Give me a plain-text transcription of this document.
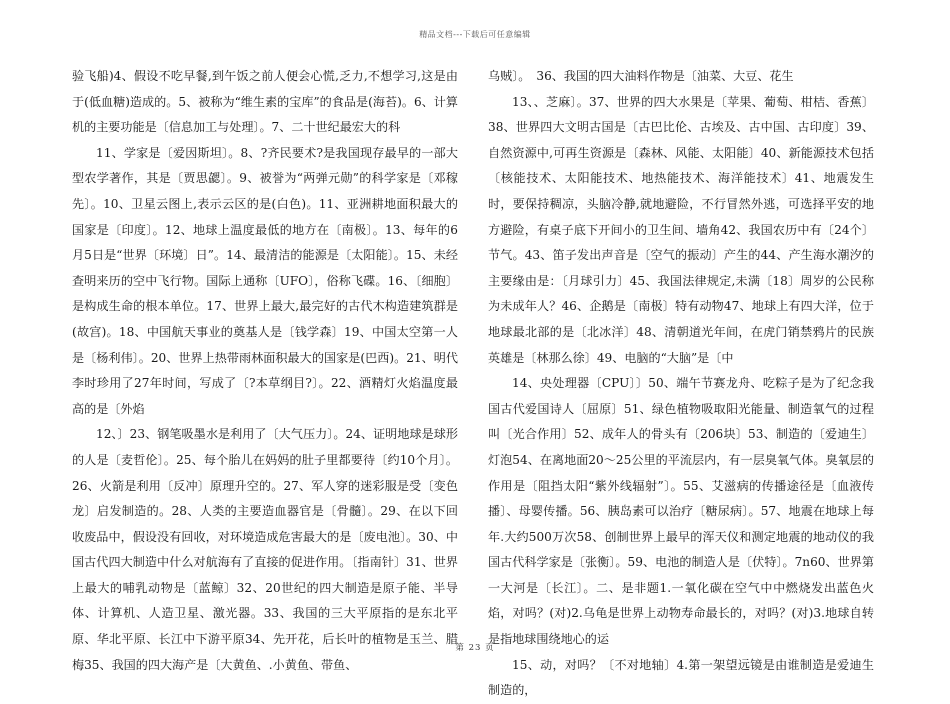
精品文档---下载后可任意编辑

验飞船)4、假设不吃早餐,到午饭之前人便会心慌,乏力,不想学习,这是由于(低血糖)造成的。5、被称为“维生素的宝库”的食品是(海苔)。6、计算机的主要功能是〔信息加工与处理〕。7、二十世纪最宏大的科

11、学家是〔爱因斯坦〕。8、?齐民要术?是我国现存最早的一部大型农学著作，其是〔贾思勰〕。9、被誉为“两弹元勋”的科学家是〔邓稼先〕。10、卫星云图上,表示云区的是(白色)。11、亚洲耕地面积最大的国家是〔印度〕。12、地球上温度最低的地方在〔南极〕。13、每年的6月5日是“世界〔环境〕日”。14、最清洁的能源是〔太阳能〕。15、未经查明来历的空中飞行物。国际上通称〔UFO〕，俗称飞碟。16、〔细胞〕是构成生命的根本单位。17、世界上最大,最完好的古代木构造建筑群是(故宫)。18、中国航天事业的奠基人是〔钱学森〕19、中国太空第一人是〔杨利伟〕。20、世界上热带雨林面积最大的国家是(巴西)。21、明代李时珍用了27年时间，写成了〔?本草纲目?〕。22、酒精灯火焰温度最高的是〔外焰

12、〕23、钢笔吸墨水是利用了〔大气压力〕。24、证明地球是球形的人是〔麦哲伦〕。25、每个胎儿在妈妈的肚子里都要待〔约10个月〕。26、火箭是利用〔反冲〕原理升空的。27、军人穿的迷彩服是受〔变色龙〕启发制造的。28、人类的主要造血器官是〔骨髓〕。29、在以下回收废品中，假设没有回收，对环境造成危害最大的是〔废电池〕。30、中国古代四大制造中什么对航海有了直接的促进作用。〔指南针〕31、世界上最大的哺乳动物是〔蓝鲸〕32、20世纪的四大制造是原子能、半导体、计算机、人造卫星、激光器。33、我国的三大平原指的是东北平原、华北平原、长江中下游平原34、先开花，后长叶的植物是玉兰、腊梅35、我国的四大海产是〔大黄鱼、.小黄鱼、带鱼、

乌贼〕。　36、我国的四大油料作物是〔油菜、大豆、花生

13、、芝麻〕。37、世界的四大水果是〔苹果、葡萄、柑桔、香蕉〕38、世界四大文明古国是〔古巴比伦、古埃及、古中国、古印度〕39、自然资源中,可再生资源是〔森林、风能、太阳能〕40、新能源技术包括〔核能技术、太阳能技术、地热能技术、海洋能技术〕41、地震发生时，要保持稠凉，头脑冷静,就地避险，不行冒然外逃，可选择平安的地方避险，有桌子底下开间小的卫生间、墙角42、我国农历中有〔24个〕节气。43、笛子发出声音是〔空气的振动〕产生的44、产生海水潮汐的主要缘由是：〔月球引力〕45、我国法律规定,未满〔18〕周岁的公民称为未成年人？46、企鹅是〔南极〕特有动物47、地球上有四大洋，位于地球最北部的是〔北冰洋〕48、清朝道光年间，在虎门销禁鸦片的民族英雄是〔林那么徐〕49、电脑的“大脑”是〔中

14、央处理器〔CPU〕〕50、端午节赛龙舟、吃粽子是为了纪念我国古代爱国诗人〔屈原〕51、绿色植物吸取阳光能量、制造氧气的过程叫〔光合作用〕52、成年人的骨头有〔206块〕53、制造的〔爱迪生〕灯泡54、在离地面20～25公里的平流层内，有一层臭氧气体。臭氧层的作用是〔阻挡太阳“紫外线辐射”〕。55、艾滋病的传播途径是〔血液传播〕、母婴传播。56、胰岛素可以治疗〔糖尿病〕。57、地震在地球上每年.大约500万次58、创制世界上最早的浑天仪和测定地震的地动仪的我国古代科学家是〔张衡〕。59、电池的制造人是〔伏特〕。7n60、世界第一大河是〔长江〕。二、是非题1.一氧化碳在空气中中燃烧发出蓝色火焰，对吗？(对)2.乌龟是世界上动物寿命最长的，对吗？(对)3.地球自转是指地球围绕地心的运

15、动，对吗？〔不对地轴〕4.第一架望远镜是由谁制造是爱迪生制造的，

第 23 页
